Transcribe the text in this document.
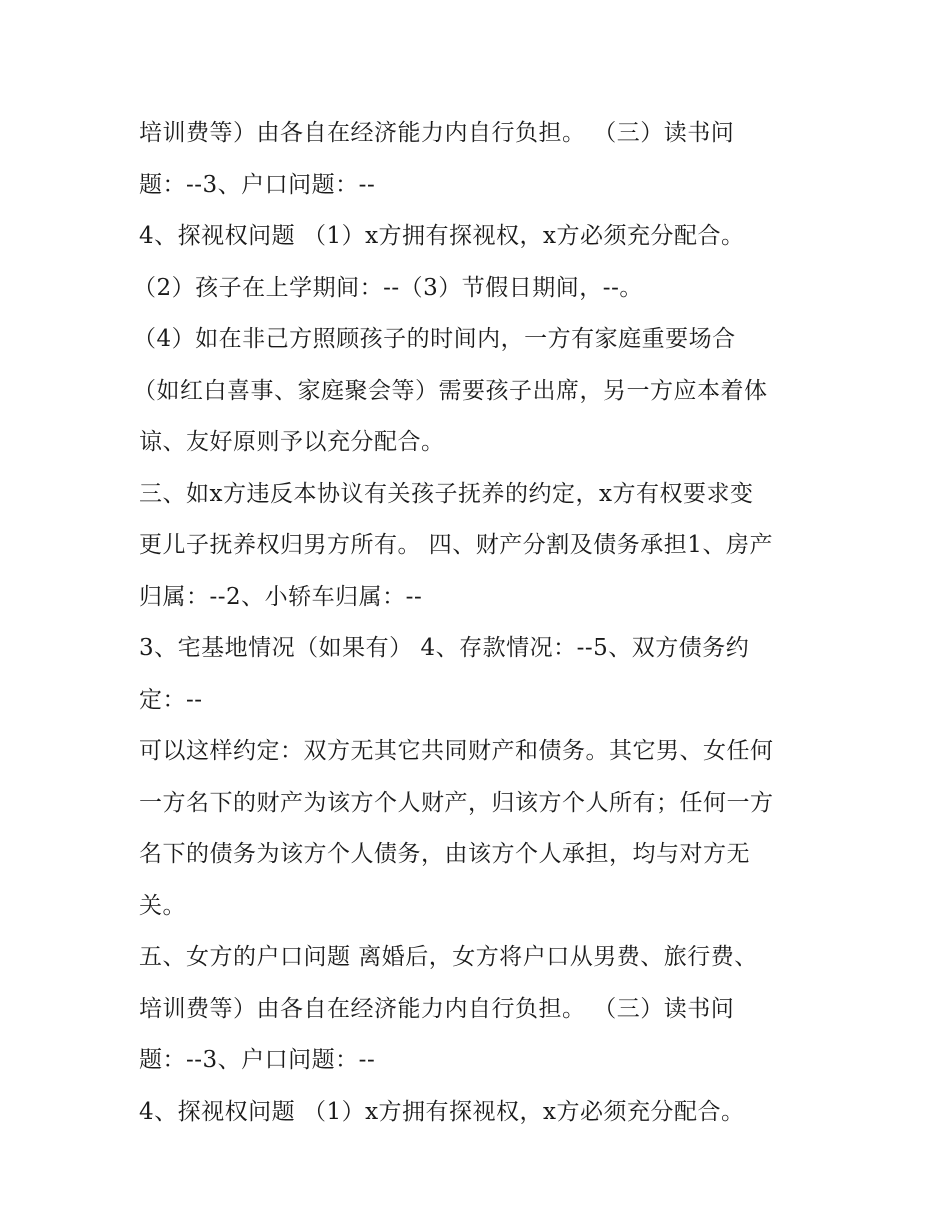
培训费等）由各自在经济能力内自行负担。 （三）读书问
题：--3、户口问题：--
4、探视权问题 （1）x方拥有探视权，x方必须充分配合。
（2）孩子在上学期间：--（3）节假日期间，--。
（4）如在非己方照顾孩子的时间内，一方有家庭重要场合
（如红白喜事、家庭聚会等）需要孩子出席，另一方应本着体
谅、友好原则予以充分配合。
三、如x方违反本协议有关孩子抚养的约定，x方有权要求变
更儿子抚养权归男方所有。 四、财产分割及债务承担1、房产
归属：--2、小轿车归属：--
3、宅基地情况（如果有） 4、存款情况：--5、双方债务约
定：--
可以这样约定：双方无其它共同财产和债务。其它男、女任何
一方名下的财产为该方个人财产，归该方个人所有；任何一方
名下的债务为该方个人债务，由该方个人承担，均与对方无
关。
五、女方的户口问题 离婚后，女方将户口从男费、旅行费、
培训费等）由各自在经济能力内自行负担。 （三）读书问
题：--3、户口问题：--
4、探视权问题 （1）x方拥有探视权，x方必须充分配合。
